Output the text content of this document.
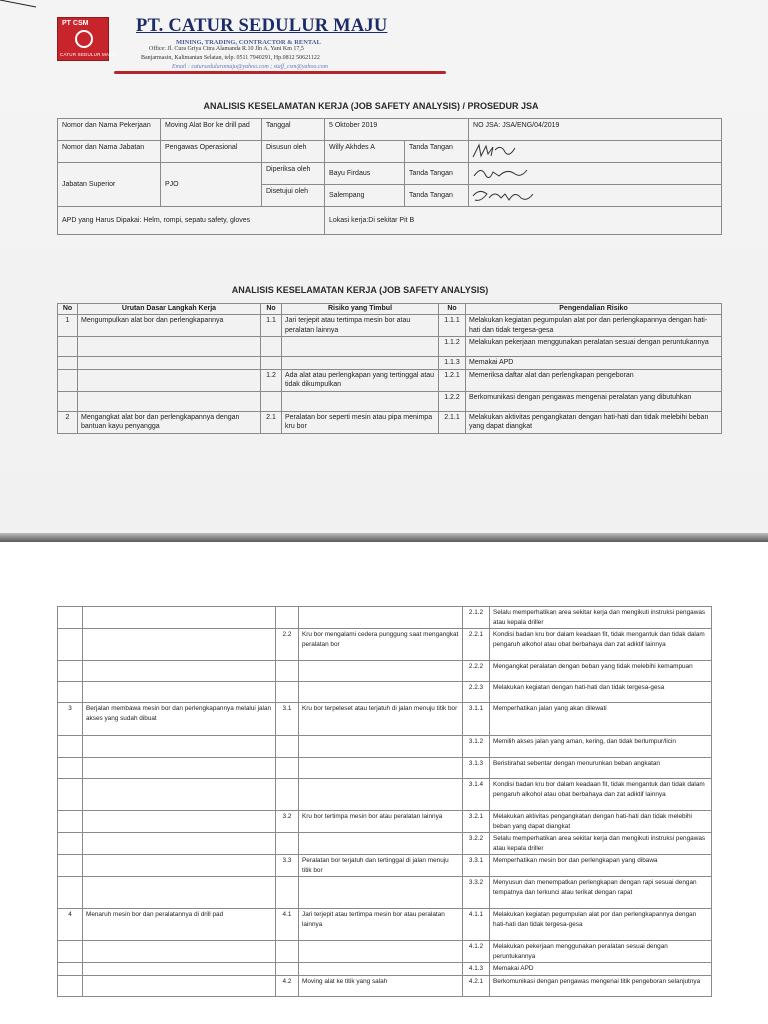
PT CSM
CATUR SEDULUR MAJU
PT. CATUR SEDULUR MAJU
MINING, TRADING, CONTRACTOR & RENTAL
Office: Jl. Cura Griya Citra Alamanda R.10 Jln A. Yani Km 17,5
Banjarmasin, Kalimantan Selatan, telp. 0511 7940291, Hp.0812 50621122
Email : caturseduluramaju@yahoo.com ; staff_csm@yahoo.com
ANALISIS KESELAMATAN KERJA (JOB SAFETY ANALYSIS) / PROSEDUR JSA
Nomor dan Nama Pekerjaan	Moving Alat Bor ke drill pad	Tanggal	5 Oktober 2019		NO JSA: JSA/ENG/04/2019
Nomor dan Nama Jabatan	Pengawas Operasional	Disusun oleh	Willy Akhdes A	Tanda Tangan	

Jabatan Superior	PJO	Diperiksa oleh	Bayu Firdaus	Tanda Tangan	

		Disetujui oleh	Salempang	Tanda Tangan	

APD yang Harus Dipakai: Helm, rompi, sepatu safety, gloves			Lokasi kerja:Di sekitar Pit B		
ANALISIS KESELAMATAN KERJA (JOB SAFETY ANALYSIS)
No	Urutan Dasar Langkah Kerja	No	Risiko yang Timbul	No	Pengendalian Risiko
1	Mengumpulkan alat bor dan perlengkapannya	1.1	Jari terjepit atau tertimpa mesin bor atau peralatan lainnya	1.1.1	Melakukan kegiatan pegumpulan alat por dan perlengkapannya dengan hati-hati dan tidak tergesa-gesa
				1.1.2	Melakukan pekerjaan menggunakan peralatan sesuai dengan peruntukannya
				1.1.3	Memakai APD
		1.2	Ada alat atau perlengkapan yang tertinggal atau tidak dikumpulkan	1.2.1	Memeriksa daftar alat dan perlengkapan pengeboran
				1.2.2	Berkomunikasi dengan pengawas mengenai peralatan yang dibutuhkan
2	Mengangkat alat bor dan perlengkapannya dengan bantuan kayu penyangga	2.1	Peralatan bor seperti mesin atau pipa menimpa kru bor	2.1.1	Melakukan aktivitas pengangkatan dengan hati-hati dan tidak melebihi beban yang dapat diangkat
				2.1.2	Selalu memperhatikan area sekitar kerja dan mengikuti instruksi pengawas atau kepala driller
		2.2	Kru bor mengalami cedera punggung saat mengangkat peralatan bor	2.2.1	Kondisi badan kru bor dalam keadaan fit, tidak mengantuk dan tidak dalam pengaruh alkohol atau obat berbahaya dan zat adiktif lainnya
				2.2.2	Mengangkat peralatan dengan beban yang tidak melebihi kemampuan
				2.2.3	Melakukan kegiatan dengan hati-hati dan tidak tergesa-gesa
3	Berjalan membawa mesin bor dan perlengkapannya melalui jalan akses yang sudah dibuat	3.1	Kru bor terpeleset atau terjatuh di jalan menuju titik bor	3.1.1	Memperhatikan jalan yang akan dilewati
				3.1.2	Memilih akses jalan yang aman, kering, dan tidak berlumpur/licin
				3.1.3	Beristirahat sebentar dengan menurunkan beban angkatan
				3.1.4	Kondisi badan kru bor dalam keadaan fit, tidak mengantuk dan tidak dalam pengaruh alkohol atau obat berbahaya dan zat adiktif lainnya
		3.2	Kru bor tertimpa mesin bor atau peralatan lainnya	3.2.1	Melakukan aktivitas pengangkatan dengan hati-hati dan tidak melebihi beban yang dapat diangkat
				3.2.2	Selalu memperhatikan area sekitar kerja dan mengikuti instruksi pengawas atau kepala driller
		3.3	Peralatan bor terjatuh dan tertinggal di jalan menuju titik bor	3.3.1	Memperhatikan mesin bor dan perlengkapan yang dibawa
				3.3.2	Menyusun dan menempatkan perlengkapan dengan rapi sesuai dengan tempatnya dan terkunci atau terikat dengan rapat
4	Menaruh mesin bor dan peralatannya di drill pad	4.1	Jari terjepit atau tertimpa mesin bor atau peralatan lainnya	4.1.1	Melakukan kegiatan pegumpulan alat por dan perlengkapannya dengan hati-hati dan tidak tergesa-gesa
				4.1.2	Melakukan pekerjaan menggunakan peralatan sesuai dengan peruntukannya
				4.1.3	Memakai APD
		4.2	Moving alat ke titik yang salah	4.2.1	Berkomunikasi dengan pengawas mengenai titik pengeboran selanjutnya
